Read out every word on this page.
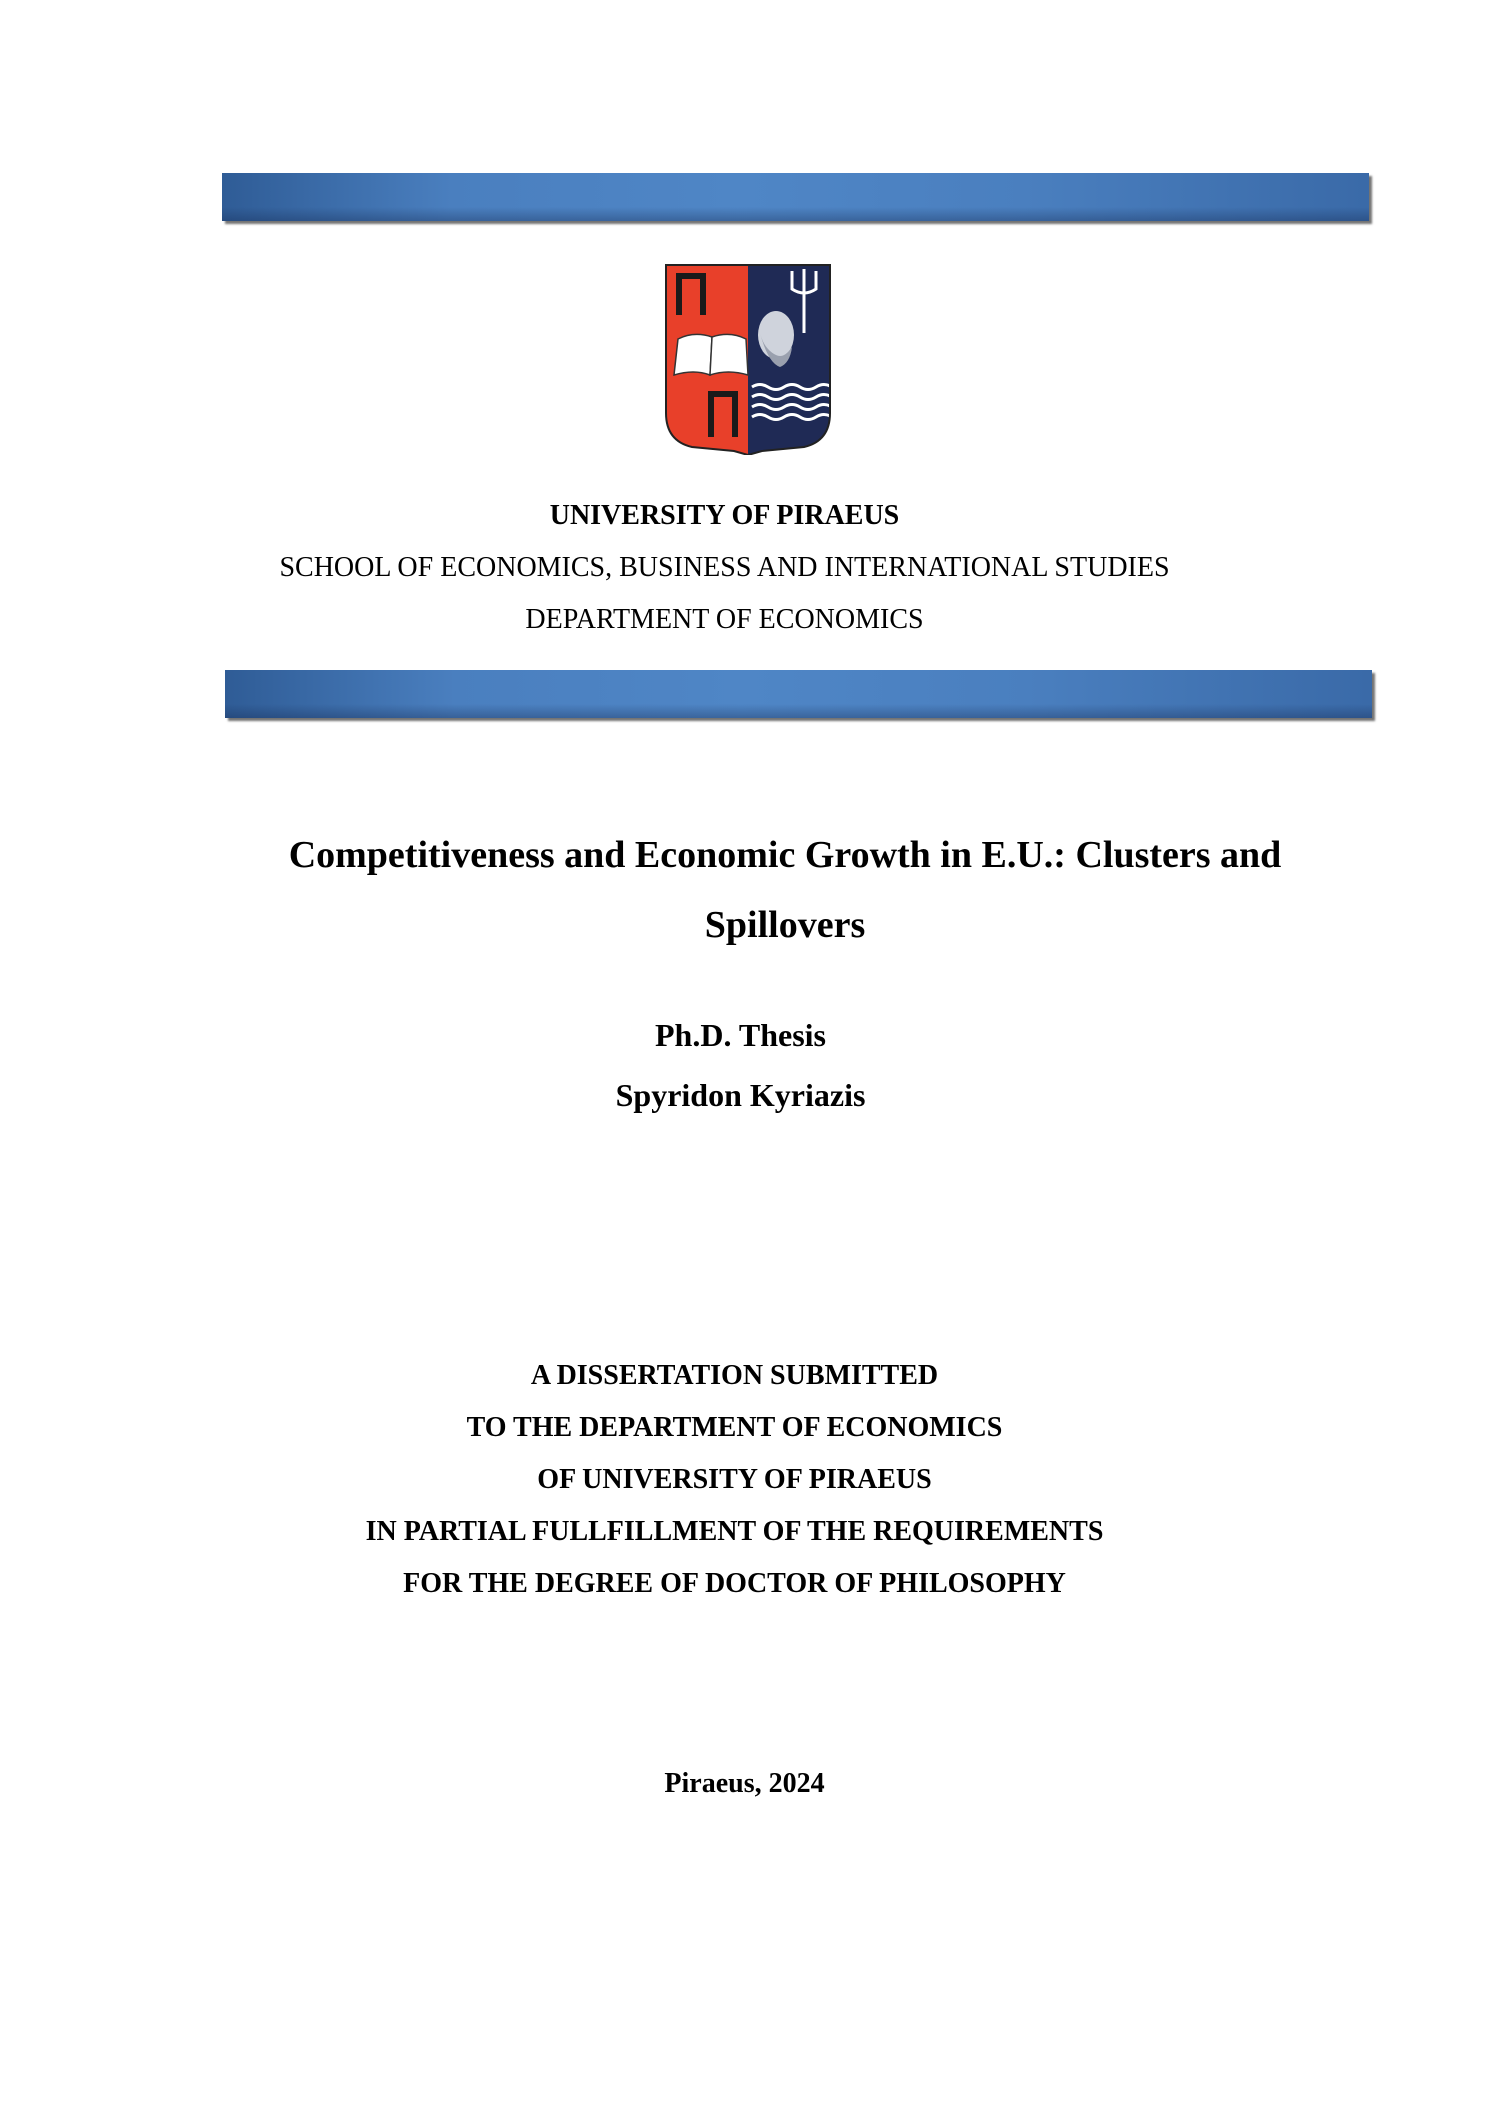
UNIVERSITY OF PIRAEUS
SCHOOL OF ECONOMICS, BUSINESS AND INTERNATIONAL STUDIES
DEPARTMENT OF ECONOMICS
Competitiveness and Economic Growth in E.U.: Clusters and
Spillovers
Ph.D. Thesis
Spyridon Kyriazis
A DISSERTATION SUBMITTED
TO THE DEPARTMENT OF ECONOMICS
OF UNIVERSITY OF PIRAEUS
IN PARTIAL FULLFILLMENT OF THE REQUIREMENTS
FOR THE DEGREE OF DOCTOR OF PHILOSOPHY
Piraeus, 2024
